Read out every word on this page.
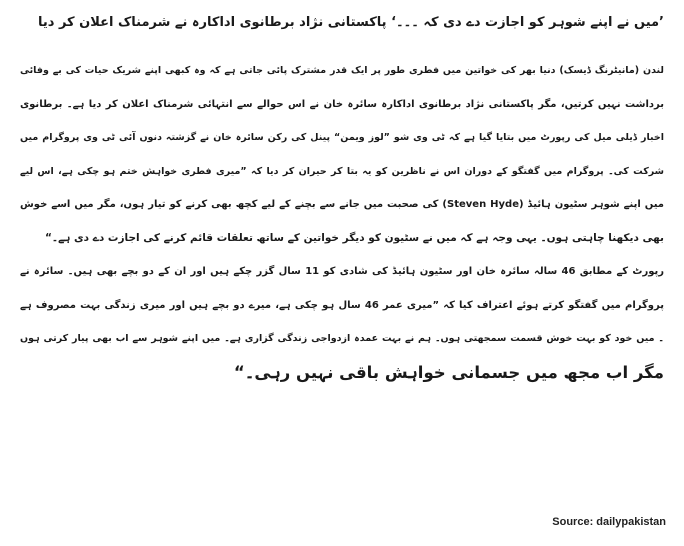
’میں نے اپنے شوہر کو اجازت دے دی کہ ۔۔۔‘ پاکستانی نژاد برطانوی اداکارہ نے شرمناک اعلان کر دیا
لندن (مانیٹرنگ ڈیسک) دنیا بھر کی خواتین میں فطری طور پر ایک قدر مشترک پائی جاتی ہے کہ وہ کبھی اپنے شریک حیات کی بے وفائی
برداشت نہیں کرتیں، مگر پاکستانی نژاد برطانوی اداکارہ سائرہ خان نے اس حوالے سے انتہائی شرمناک اعلان کر دیا ہے۔ برطانوی
اخبار ڈیلی میل کی رپورٹ میں بتایا گیا ہے کہ ٹی وی شو ”لوز ویمن“ پینل کی رکن سائرہ خان نے گزشتہ دنوں آئی ٹی وی پروگرام میں
شرکت کی۔ پروگرام میں گفتگو کے دوران اس نے ناظرین کو یہ بتا کر حیران کر دیا کہ ”میری فطری خواہش ختم ہو چکی ہے، اس لیے
میں اپنے شوہر سٹیون ہائیڈ (Steven Hyde) کی صحبت میں جانے سے بچنے کے لیے کچھ بھی کرنے کو تیار ہوں، مگر میں اسے خوش
بھی دیکھنا چاہتی ہوں۔ یہی وجہ ہے کہ میں نے سٹیون کو دیگر خواتین کے ساتھ تعلقات قائم کرنے کی اجازت دے دی ہے۔“
رپورٹ کے مطابق 46 سالہ سائرہ خان اور سٹیون ہائیڈ کی شادی کو 11 سال گزر چکے ہیں اور ان کے دو بچے بھی ہیں۔ سائرہ نے
پروگرام میں گفتگو کرتے ہوئے اعتراف کیا کہ ”میری عمر 46 سال ہو چکی ہے، میرے دو بچے ہیں اور میری زندگی بہت مصروف ہے
۔ میں خود کو بہت خوش قسمت سمجھتی ہوں۔ ہم نے بہت عمدہ ازدواجی زندگی گزاری ہے۔ میں اپنے شوہر سے اب بھی پیار کرتی ہوں
مگر اب مجھ میں جسمانی خواہش باقی نہیں رہی۔“
Source: dailypakistan
